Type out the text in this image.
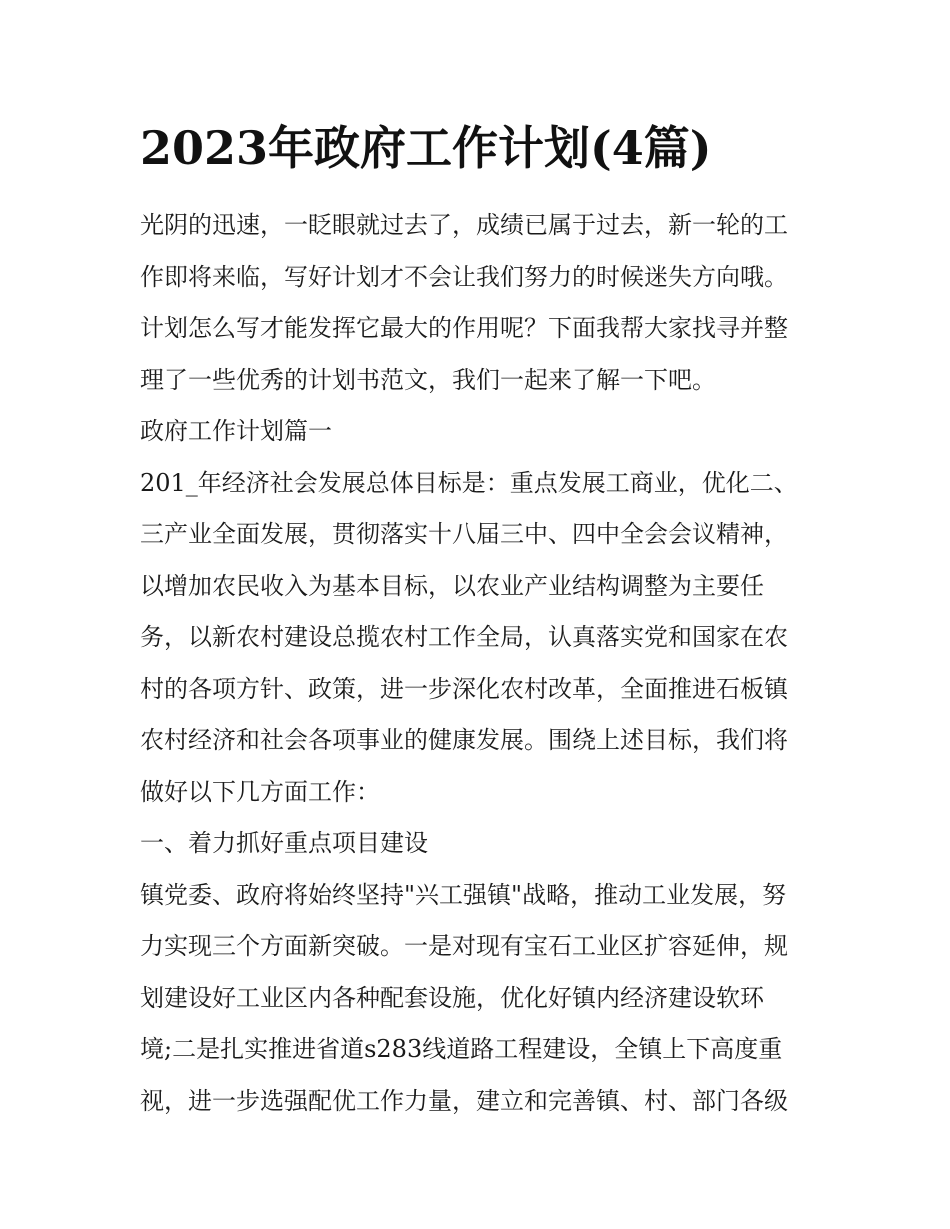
2023年政府工作计划(4篇)
光阴的迅速，一眨眼就过去了，成绩已属于过去，新一轮的工
作即将来临，写好计划才不会让我们努力的时候迷失方向哦。
计划怎么写才能发挥它最大的作用呢？下面我帮大家找寻并整
理了一些优秀的计划书范文，我们一起来了解一下吧。
政府工作计划篇一
201_年经济社会发展总体目标是：重点发展工商业，优化二、
三产业全面发展，贯彻落实十八届三中、四中全会会议精神，
以增加农民收入为基本目标，以农业产业结构调整为主要任
务，以新农村建设总揽农村工作全局，认真落实党和国家在农
村的各项方针、政策，进一步深化农村改革，全面推进石板镇
农村经济和社会各项事业的健康发展。围绕上述目标，我们将
做好以下几方面工作：
一、着力抓好重点项目建设
镇党委、政府将始终坚持"兴工强镇"战略，推动工业发展，努
力实现三个方面新突破。一是对现有宝石工业区扩容延伸，规
划建设好工业区内各种配套设施，优化好镇内经济建设软环
境;二是扎实推进省道s283线道路工程建设，全镇上下高度重
视，进一步选强配优工作力量，建立和完善镇、村、部门各级
